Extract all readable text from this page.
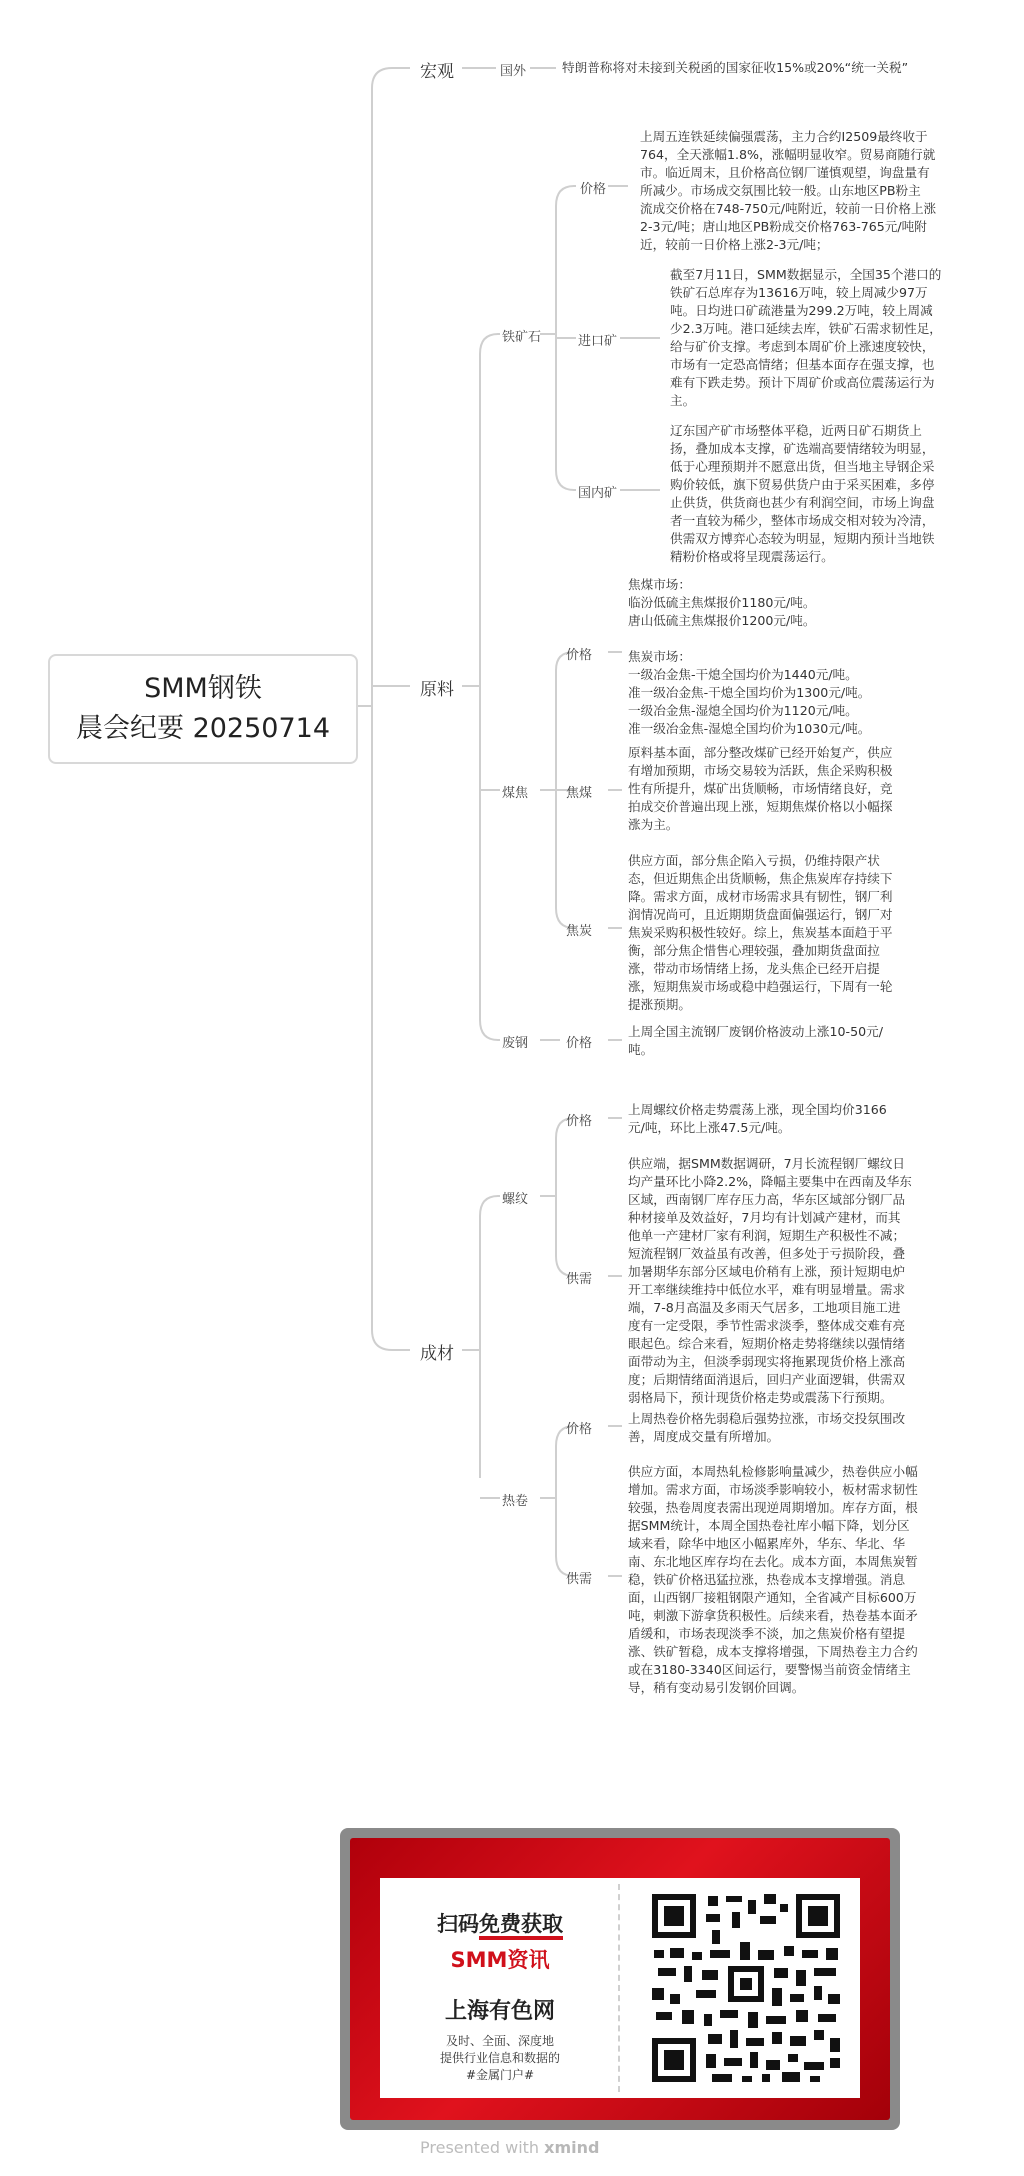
SMM钢铁
晨会纪要 20250714
宏观	国外	特朗普称将对未接到关税函的国家征收15%或20%“统一关税”
原料
铁矿石
价格
上周五连铁延续偏强震荡，主力合约I2509最终收于
764，全天涨幅1.8%，涨幅明显收窄。贸易商随行就
市。临近周末，且价格高位钢厂谨慎观望，询盘量有
所减少。市场成交氛围比较一般。山东地区PB粉主
流成交价格在748-750元/吨附近，较前一日价格上涨
2-3元/吨；唐山地区PB粉成交价格763-765元/吨附
近，较前一日价格上涨2-3元/吨；
进口矿
截至7月11日，SMM数据显示，全国35个港口的
铁矿石总库存为13616万吨，较上周减少97万
吨。日均进口矿疏港量为299.2万吨，较上周减
少2.3万吨。港口延续去库，铁矿石需求韧性足，
给与矿价支撑。考虑到本周矿价上涨速度较快，
市场有一定恐高情绪；但基本面存在强支撑，也
难有下跌走势。预计下周矿价或高位震荡运行为
主。
国内矿
辽东国产矿市场整体平稳，近两日矿石期货上
扬，叠加成本支撑，矿选端高要情绪较为明显，
低于心理预期并不愿意出货，但当地主导钢企采
购价较低，旗下贸易供货户由于采买困难，多停
止供货，供货商也甚少有利润空间，市场上询盘
者一直较为稀少，整体市场成交相对较为冷清，
供需双方博弈心态较为明显，短期内预计当地铁
精粉价格或将呈现震荡运行。
煤焦
价格
焦煤市场：
临汾低硫主焦煤报价1180元/吨。
唐山低硫主焦煤报价1200元/吨。

焦炭市场：
一级冶金焦-干熄全国均价为1440元/吨。
准一级冶金焦-干熄全国均价为1300元/吨。
一级冶金焦-湿熄全国均价为1120元/吨。
准一级冶金焦-湿熄全国均价为1030元/吨。
焦煤
原料基本面，部分整改煤矿已经开始复产，供应
有增加预期，市场交易较为活跃，焦企采购积极
性有所提升，煤矿出货顺畅，市场情绪良好，竞
拍成交价普遍出现上涨，短期焦煤价格以小幅探
涨为主。
焦炭
供应方面，部分焦企陷入亏损，仍维持限产状
态，但近期焦企出货顺畅，焦企焦炭库存持续下
降。需求方面，成材市场需求具有韧性，钢厂利
润情况尚可，且近期期货盘面偏强运行，钢厂对
焦炭采购积极性较好。综上，焦炭基本面趋于平
衡，部分焦企惜售心理较强，叠加期货盘面拉
涨，带动市场情绪上扬，龙头焦企已经开启提
涨，短期焦炭市场或稳中趋强运行，下周有一轮
提涨预期。
废钢	价格
上周全国主流钢厂废钢价格波动上涨10-50元/
吨。
成材
螺纹
价格
上周螺纹价格走势震荡上涨，现全国均价3166
元/吨，环比上涨47.5元/吨。
供需
供应端，据SMM数据调研，7月长流程钢厂螺纹日
均产量环比小降2.2%，降幅主要集中在西南及华东
区域，西南钢厂库存压力高，华东区域部分钢厂品
种材接单及效益好，7月均有计划减产建材，而其
他单一产建材厂家有利润，短期生产积极性不减；
短流程钢厂效益虽有改善，但多处于亏损阶段，叠
加暑期华东部分区域电价稍有上涨，预计短期电炉
开工率继续维持中低位水平，难有明显增量。需求
端，7-8月高温及多雨天气居多，工地项目施工进
度有一定受限，季节性需求淡季，整体成交难有亮
眼起色。综合来看，短期价格走势将继续以强情绪
面带动为主，但淡季弱现实将拖累现货价格上涨高
度；后期情绪面消退后，回归产业面逻辑，供需双
弱格局下，预计现货价格走势或震荡下行预期。
热卷
价格
上周热卷价格先弱稳后强势拉涨，市场交投氛围改
善，周度成交量有所增加。
供需
供应方面，本周热轧检修影响量减少，热卷供应小幅
增加。需求方面，市场淡季影响较小，板材需求韧性
较强，热卷周度表需出现逆周期增加。库存方面，根
据SMM统计，本周全国热卷社库小幅下降，划分区
域来看，除华中地区小幅累库外，华东、华北、华
南、东北地区库存均在去化。成本方面，本周焦炭暂
稳，铁矿价格迅猛拉涨，热卷成本支撑增强。消息
面，山西钢厂接粗钢限产通知，全省减产目标600万
吨，刺激下游拿货积极性。后续来看，热卷基本面矛
盾缓和，市场表现淡季不淡，加之焦炭价格有望提
涨、铁矿暂稳，成本支撑将增强，下周热卷主力合约
或在3180-3340区间运行，要警惕当前资金情绪主
导，稍有变动易引发钢价回调。
扫码免费获取
SMM资讯
上海有色网
及时、全面、深度地
提供行业信息和数据的
#金属门户#
Presented with xmind
